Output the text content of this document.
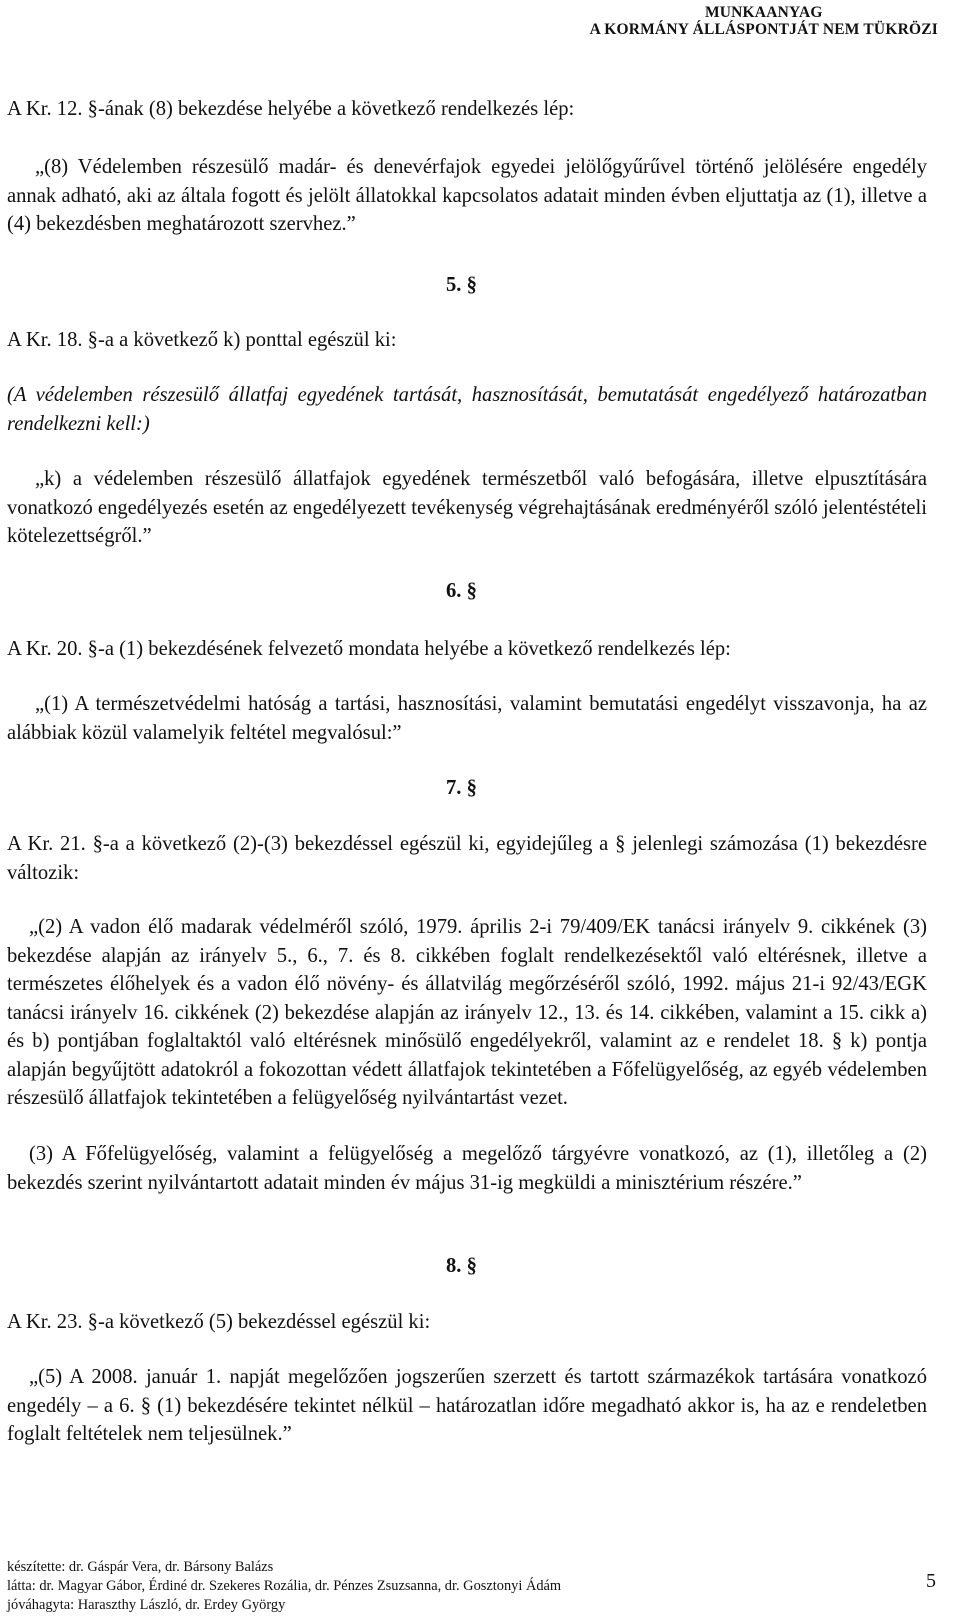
MUNKAANYAG
A KORMÁNY ÁLLÁSPONTJÁT NEM TÜKRÖZI
A Kr. 12. §-ának (8) bekezdése helyébe a következő rendelkezés lép:
„(8) Védelemben részesülő madár- és denevérfajok egyedei jelölőgyűrűvel történő jelölésére engedély annak adható, aki az általa fogott és jelölt állatokkal kapcsolatos adatait minden évben eljuttatja az (1), illetve a (4) bekezdésben meghatározott szervhez.”
5. §
A Kr. 18. §-a a következő k) ponttal egészül ki:
(A védelemben részesülő állatfaj egyedének tartását, hasznosítását, bemutatását engedélyező határozatban rendelkezni kell:)
„k) a védelemben részesülő állatfajok egyedének természetből való befogására, illetve elpusztítására vonatkozó engedélyezés esetén az engedélyezett tevékenység végrehajtásának eredményéről szóló jelentéstételi kötelezettségről.”
6. §
A Kr. 20. §-a (1) bekezdésének felvezető mondata helyébe a következő rendelkezés lép:
„(1) A természetvédelmi hatóság a tartási, hasznosítási, valamint bemutatási engedélyt visszavonja, ha az alábbiak közül valamelyik feltétel megvalósul:”
7. §
A Kr. 21. §-a a következő (2)-(3) bekezdéssel egészül ki, egyidejűleg a § jelenlegi számozása (1) bekezdésre változik:
„(2) A vadon élő madarak védelméről szóló, 1979. április 2-i 79/409/EK tanácsi irányelv 9. cikkének (3) bekezdése alapján az irányelv 5., 6., 7. és 8. cikkében foglalt rendelkezésektől való eltérésnek, illetve a természetes élőhelyek és a vadon élő növény- és állatvilág megőrzéséről szóló, 1992. május 21-i 92/43/EGK tanácsi irányelv 16. cikkének (2) bekezdése alapján az irányelv 12., 13. és 14. cikkében, valamint a 15. cikk a) és b) pontjában foglaltaktól való eltérésnek minősülő engedélyekről, valamint az e rendelet 18. § k) pontja alapján begyűjtött adatokról a fokozottan védett állatfajok tekintetében a Főfelügyelőség, az egyéb védelemben részesülő állatfajok tekintetében a felügyelőség nyilvántartást vezet.
(3) A Főfelügyelőség, valamint a felügyelőség a megelőző tárgyévre vonatkozó, az (1), illetőleg a (2) bekezdés szerint nyilvántartott adatait minden év május 31-ig megküldi a minisztérium részére.”
8. §
A Kr. 23. §-a következő (5) bekezdéssel egészül ki:
„(5) A 2008. január 1. napját megelőzően jogszerűen szerzett és tartott származékok tartására vonatkozó engedély – a 6. § (1) bekezdésére tekintet nélkül – határozatlan időre megadható akkor is, ha az e rendeletben foglalt feltételek nem teljesülnek.”
készítette: dr. Gáspár Vera, dr. Bársony Balázs
látta: dr. Magyar Gábor, Érdiné dr. Szekeres Rozália, dr. Pénzes Zsuzsanna, dr. Gosztonyi Ádám
jóváhagyta: Haraszthy László, dr. Erdey György
5
